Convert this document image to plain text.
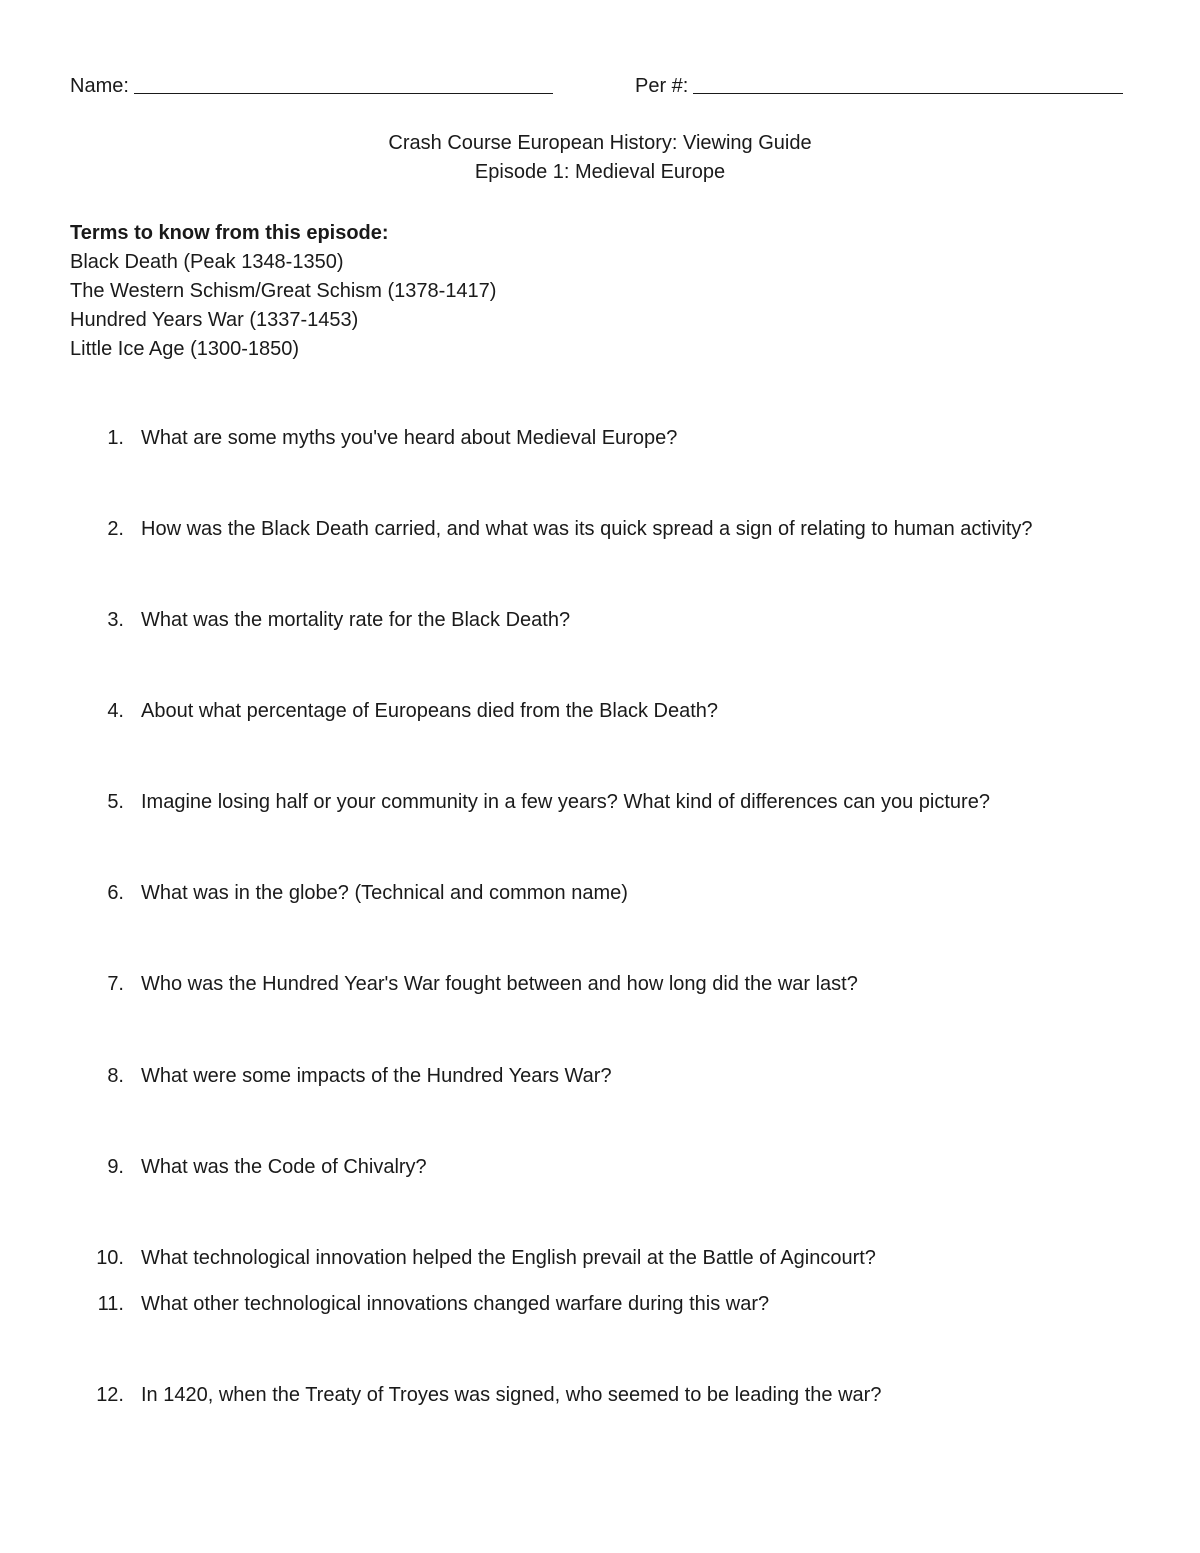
Name:	Per #:
Crash Course European History: Viewing Guide
Episode 1: Medieval Europe
Terms to know from this episode:
Black Death (Peak 1348-1350)
The Western Schism/Great Schism (1378-1417)
Hundred Years War (1337-1453)
Little Ice Age (1300-1850)
1. What are some myths you've heard about Medieval Europe?
2. How was the Black Death carried, and what was its quick spread a sign of relating to human activity?
3. What was the mortality rate for the Black Death?
4. About what percentage of Europeans died from the Black Death?
5. Imagine losing half or your community in a few years? What kind of differences can you picture?
6. What was in the globe? (Technical and common name)
7. Who was the Hundred Year's War fought between and how long did the war last?
8. What were some impacts of the Hundred Years War?
9. What was the Code of Chivalry?
10. What technological innovation helped the English prevail at the Battle of Agincourt?
11. What other technological innovations changed warfare during this war?
12. In 1420, when the Treaty of Troyes was signed, who seemed to be leading the war?
